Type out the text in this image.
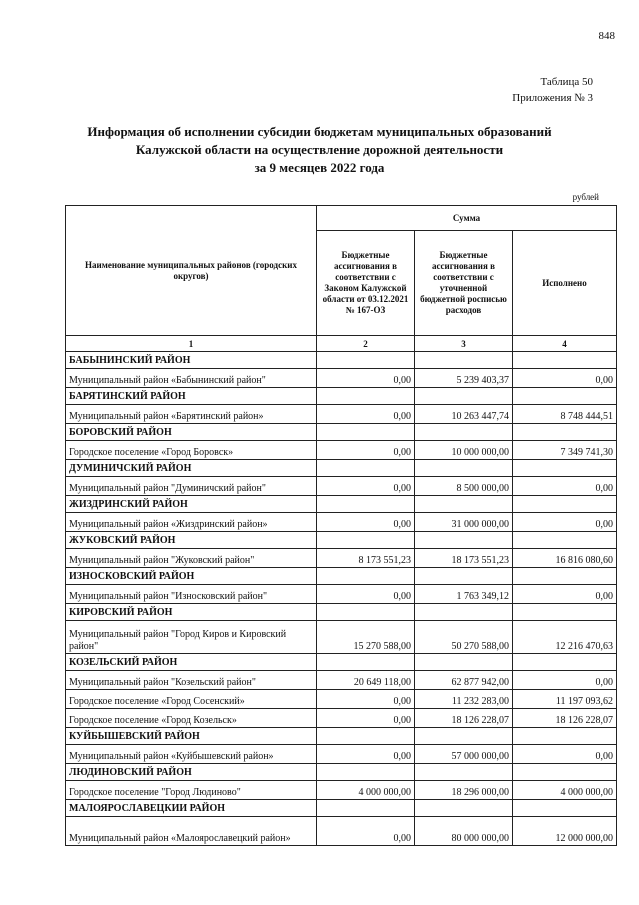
848
Таблица 50
Приложения № 3
Информация об исполнении субсидии бюджетам муниципальных образований
Калужской области на осуществление дорожной деятельности
за 9 месяцев 2022 года
рублей
Наименование муниципальных районов (городских округов)	Сумма		
	Бюджетные ассигнования в соответствии с Законом Калужской области от 03.12.2021 № 167-ОЗ	Бюджетные ассигнования в соответствии с уточненной бюджетной росписью расходов	Исполнено
1	2	3	4
БАБЫНИНСКИЙ РАЙОН			
Муниципальный район «Бабынинский район"	0,00	5 239 403,37	0,00
БАРЯТИНСКИЙ РАЙОН			
Муниципальный район «Барятинский район»	0,00	10 263 447,74	8 748 444,51
БОРОВСКИЙ РАЙОН			
Городское поселение «Город Боровск»	0,00	10 000 000,00	7 349 741,30
ДУМИНИЧСКИЙ РАЙОН			
Муниципальный район "Думиничский район"	0,00	8 500 000,00	0,00
ЖИЗДРИНСКИЙ РАЙОН			
Муниципальный район «Жиздринский район»	0,00	31 000 000,00	0,00
ЖУКОВСКИЙ РАЙОН			
Муниципальный район "Жуковский район"	8 173 551,23	18 173 551,23	16 816 080,60
ИЗНОСКОВСКИЙ РАЙОН			
Муниципальный район "Износковский район"	0,00	1 763 349,12	0,00
КИРОВСКИЙ РАЙОН			
Муниципальный район "Город Киров и Кировский район"	15 270 588,00	50 270 588,00	12 216 470,63
КОЗЕЛЬСКИЙ РАЙОН			
Муниципальный район "Козельский район"	20 649 118,00	62 877 942,00	0,00
Городское поселение «Город Сосенский»	0,00	11 232 283,00	11 197 093,62
Городское поселение «Город Козельск»	0,00	18 126 228,07	18 126 228,07
КУЙБЫШЕВСКИЙ РАЙОН			
Муниципальный район «Куйбышевский район»	0,00	57 000 000,00	0,00
ЛЮДИНОВСКИЙ РАЙОН			
Городское поселение "Город Людиново"	4 000 000,00	18 296 000,00	4 000 000,00
МАЛОЯРОСЛАВЕЦКИИ РАЙОН			
Муниципальный район «Малоярославецкий район»	0,00	80 000 000,00	12 000 000,00
